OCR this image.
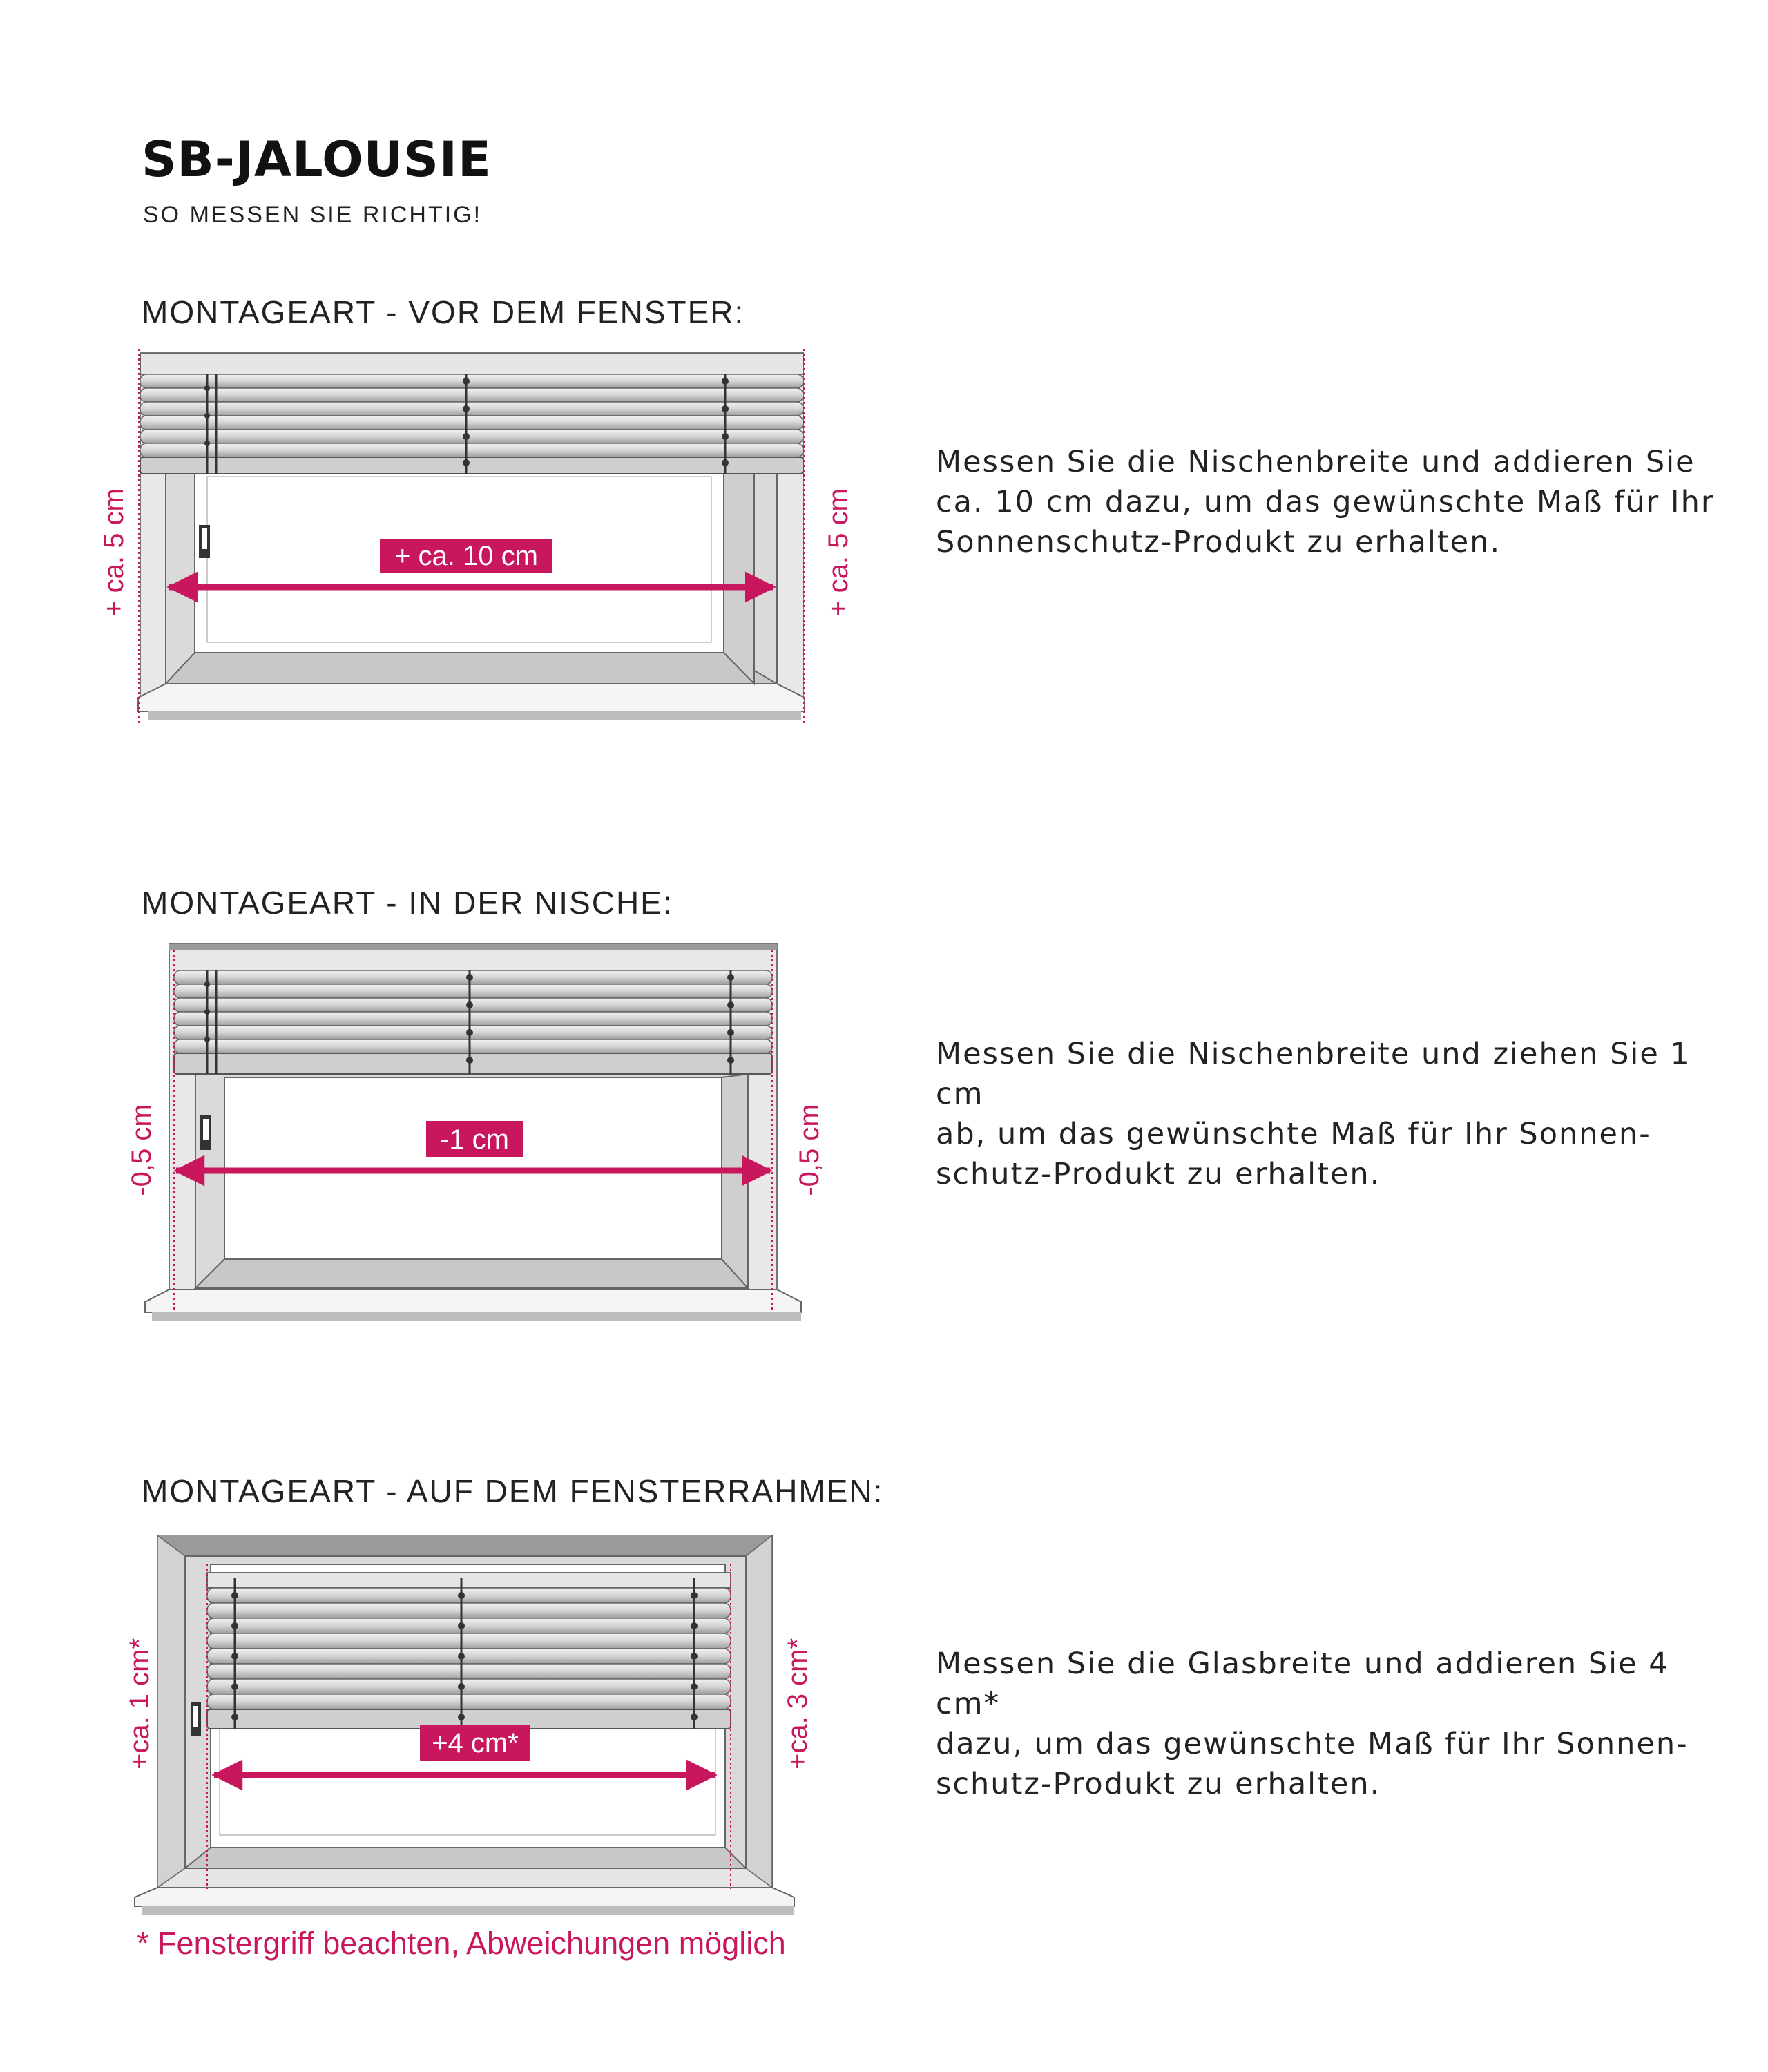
SB-JALOUSIE
SO MESSEN SIE RICHTIG!
MONTAGEART - VOR DEM FENSTER:
+ ca. 10 cm
+ ca. 5 cm	+ ca. 5 cm
Messen Sie die Nischenbreite und addieren Sie
ca. 10 cm dazu, um das gewünschte Maß für Ihr
Sonnenschutz-Produkt zu erhalten.
MONTAGEART - IN DER NISCHE:
-1 cm
-0,5 cm	-0,5 cm
Messen Sie die Nischenbreite und ziehen Sie 1 cm
ab, um das gewünschte Maß für Ihr Sonnen-
schutz-Produkt zu erhalten.
MONTAGEART - AUF DEM FENSTERRAHMEN:
+4 cm*
+ca. 1 cm*	+ca. 3 cm*	Messen Sie die Glasbreite und addieren Sie 4 cm*
dazu, um das gewünschte Maß für Ihr Sonnen-
schutz-Produkt zu erhalten.
* Fenstergriff beachten, Abweichungen möglich
